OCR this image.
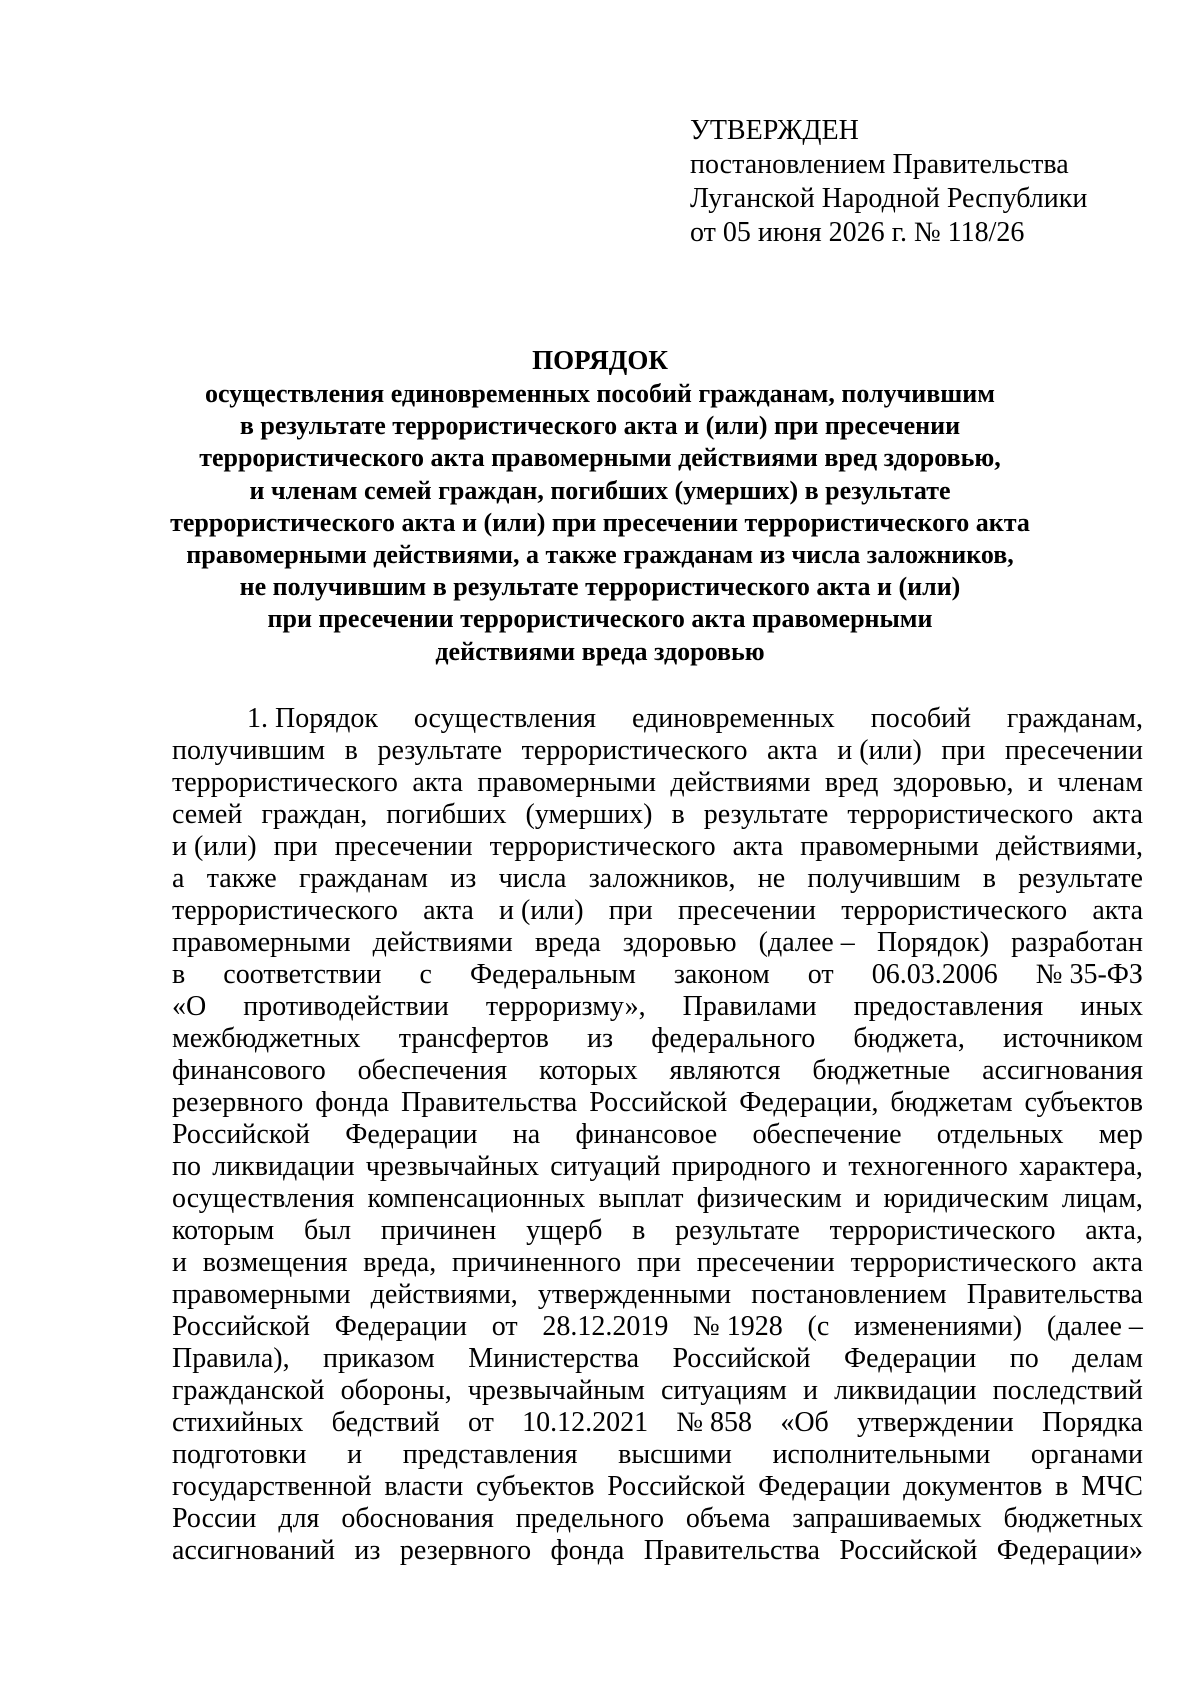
УТВЕРЖДЕН
постановлением Правительства
Луганской Народной Республики
от 05 июня 2026 г. № 118/26
ПОРЯДОК
осуществления единовременных пособий гражданам, получившим
в результате террористического акта и (или) при пресечении
террористического акта правомерными действиями вред здоровью,
и членам семей граждан, погибших (умерших) в результате
террористического акта и (или) при пресечении террористического акта
правомерными действиями, а также гражданам из числа заложников,
не получившим в результате террористического акта и (или)
при пресечении террористического акта правомерными
действиями вреда здоровью
1. Порядок осуществления единовременных пособий гражданам,
получившим в результате террористического акта и (или) при пресечении
террористического акта правомерными действиями вред здоровью, и членам
семей граждан, погибших (умерших) в результате террористического акта
и (или) при пресечении террористического акта правомерными действиями,
а также гражданам из числа заложников, не получившим в результате
террористического акта и (или) при пресечении террористического акта
правомерными действиями вреда здоровью (далее – Порядок) разработан
в соответствии с Федеральным законом от 06.03.2006 № 35-ФЗ
«О противодействии терроризму», Правилами предоставления иных
межбюджетных трансфертов из федерального бюджета, источником
финансового обеспечения которых являются бюджетные ассигнования
резервного фонда Правительства Российской Федерации, бюджетам субъектов
Российской Федерации на финансовое обеспечение отдельных мер
по ликвидации чрезвычайных ситуаций природного и техногенного характера,
осуществления компенсационных выплат физическим и юридическим лицам,
которым был причинен ущерб в результате террористического акта,
и возмещения вреда, причиненного при пресечении террористического акта
правомерными действиями, утвержденными постановлением Правительства
Российской Федерации от 28.12.2019 № 1928 (с изменениями) (далее –
Правила), приказом Министерства Российской Федерации по делам
гражданской обороны, чрезвычайным ситуациям и ликвидации последствий
стихийных бедствий от 10.12.2021 № 858 «Об утверждении Порядка
подготовки и представления высшими исполнительными органами
государственной власти субъектов Российской Федерации документов в МЧС
России для обоснования предельного объема запрашиваемых бюджетных
ассигнований из резервного фонда Правительства Российской Федерации»
